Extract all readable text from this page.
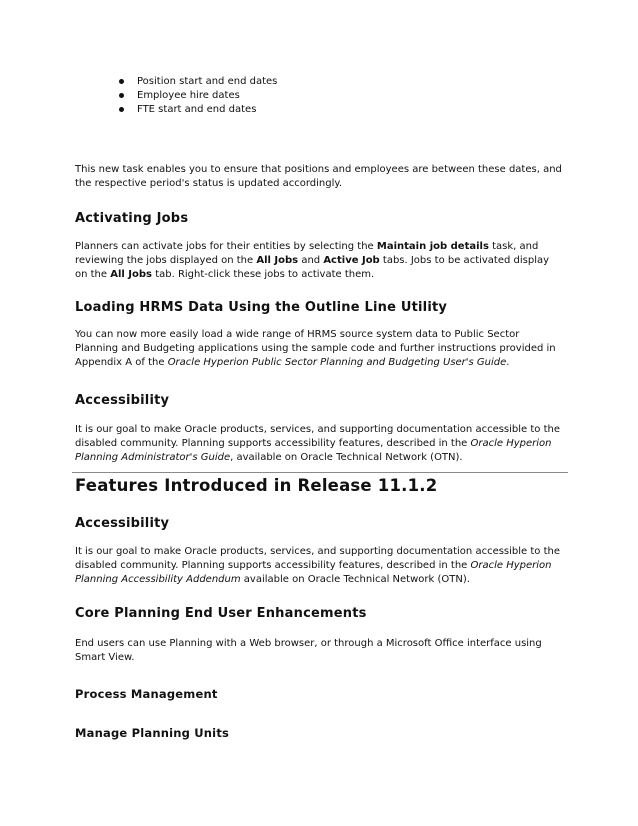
Position start and end dates
Employee hire dates
FTE start and end dates

This new task enables you to ensure that positions and employees are between these dates, and
the respective period's status is updated accordingly.

Activating Jobs

Planners can activate jobs for their entities by selecting the Maintain job details task, and
reviewing the jobs displayed on the All Jobs and Active Job tabs. Jobs to be activated display
on the All Jobs tab. Right-click these jobs to activate them.

Loading HRMS Data Using the Outline Line Utility

You can now more easily load a wide range of HRMS source system data to Public Sector
Planning and Budgeting applications using the sample code and further instructions provided in
Appendix A of the Oracle Hyperion Public Sector Planning and Budgeting User's Guide.

Accessibility

It is our goal to make Oracle products, services, and supporting documentation accessible to the
disabled community. Planning supports accessibility features, described in the Oracle Hyperion
Planning Administrator's Guide, available on Oracle Technical Network (OTN).

Features Introduced in Release 11.1.2
Accessibility

It is our goal to make Oracle products, services, and supporting documentation accessible to the
disabled community. Planning supports accessibility features, described in the Oracle Hyperion
Planning Accessibility Addendum available on Oracle Technical Network (OTN).

Core Planning End User Enhancements

End users can use Planning with a Web browser, or through a Microsoft Office interface using
Smart View.

Process Management
Manage Planning Units
